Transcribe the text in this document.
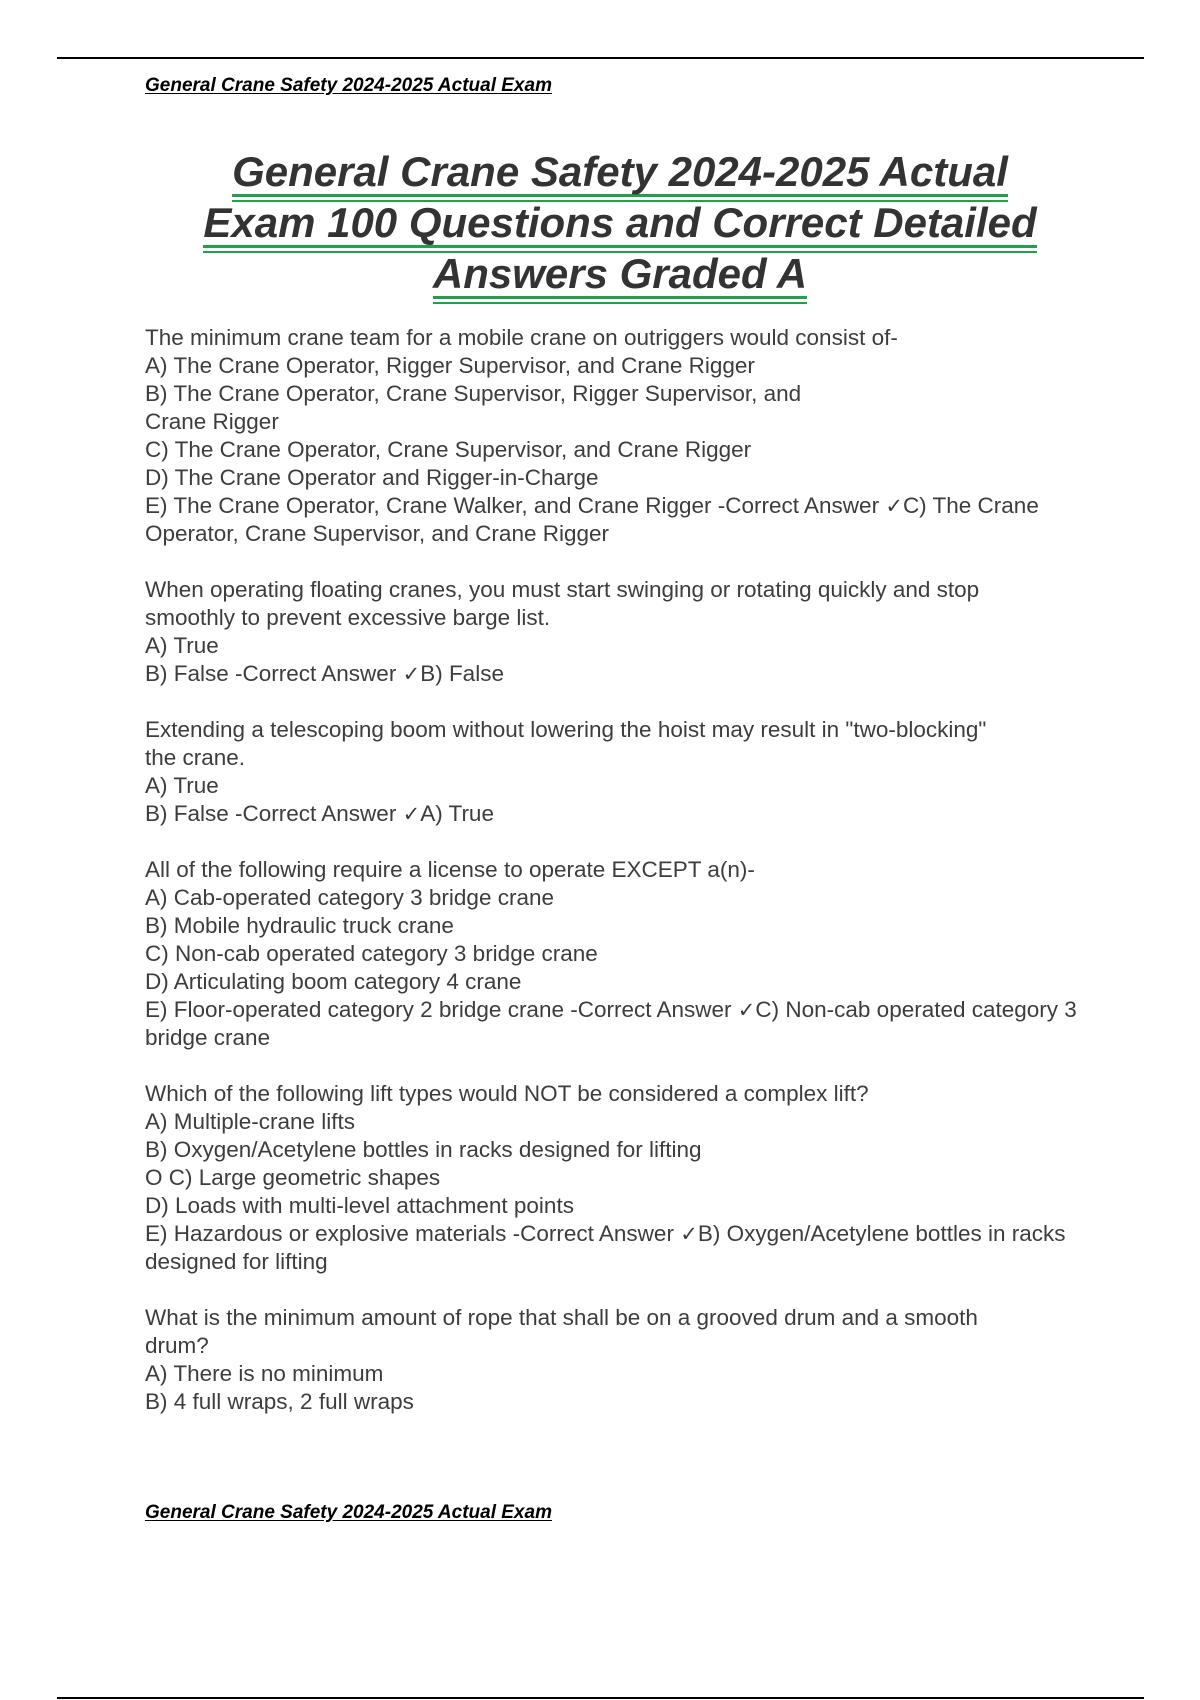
General Crane Safety 2024-2025 Actual Exam
General Crane Safety 2024-2025 Actual
Exam 100 Questions and Correct Detailed
Answers Graded A
The minimum crane team for a mobile crane on outriggers would consist of-
A) The Crane Operator, Rigger Supervisor, and Crane Rigger
B) The Crane Operator, Crane Supervisor, Rigger Supervisor, and
Crane Rigger
C) The Crane Operator, Crane Supervisor, and Crane Rigger
D) The Crane Operator and Rigger-in-Charge
E) The Crane Operator, Crane Walker, and Crane Rigger -Correct Answer ✓C) The Crane Operator, Crane Supervisor, and Crane Rigger
When operating floating cranes, you must start swinging or rotating quickly and stop
smoothly to prevent excessive barge list.
A) True
B) False -Correct Answer ✓B) False
Extending a telescoping boom without lowering the hoist may result in "two-blocking"
the crane.
A) True
B) False -Correct Answer ✓A) True
All of the following require a license to operate EXCEPT a(n)-
A) Cab-operated category 3 bridge crane
B) Mobile hydraulic truck crane
C) Non-cab operated category 3 bridge crane
D) Articulating boom category 4 crane
E) Floor-operated category 2 bridge crane -Correct Answer ✓C) Non-cab operated category 3 bridge crane
Which of the following lift types would NOT be considered a complex lift?
A) Multiple-crane lifts
B) Oxygen/Acetylene bottles in racks designed for lifting
O C) Large geometric shapes
D) Loads with multi-level attachment points
E) Hazardous or explosive materials -Correct Answer ✓B) Oxygen/Acetylene bottles in racks designed for lifting
What is the minimum amount of rope that shall be on a grooved drum and a smooth
drum?
A) There is no minimum
B) 4 full wraps, 2 full wraps
General Crane Safety 2024-2025 Actual Exam
